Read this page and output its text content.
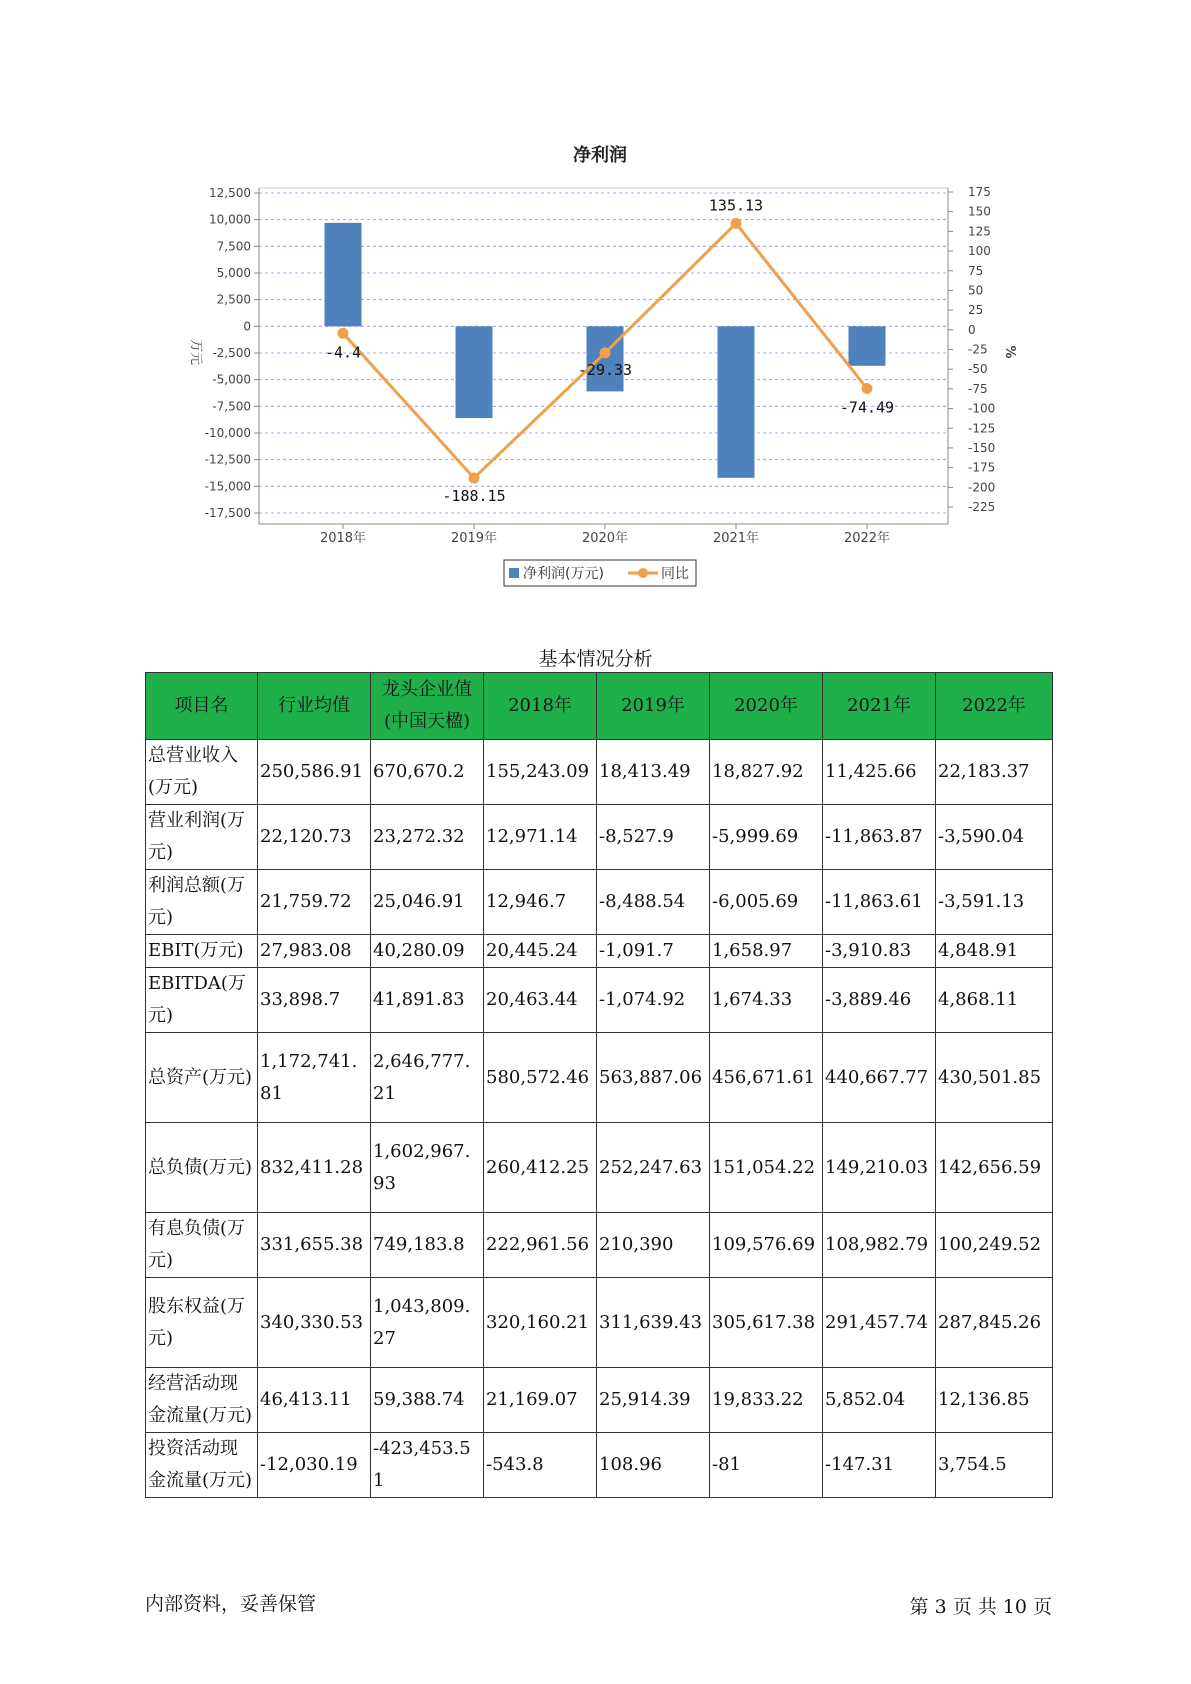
净利润
12,500
10,000
7,500
5,000
2,500
0
-2,500
-5,000
-7,500
-10,000
-12,500
-15,000
-17,500
175
150
125
100
75
50
25
0
-25
-50
-75
-100
-125
-150
-175
-200
-225
万元	%
2018年	2019年	2020年	2021年	2022年
-4.4
-188.15
-29.33
135.13
-74.49
净利润(万元)	同比
基本情况分析
项目名	行业均值	龙头企业值(中国天楹)	2018年	2019年	2020年	2021年	2022年
总营业收入(万元)	250,586.91	670,670.2	155,243.09	18,413.49	18,827.92	11,425.66	22,183.37
营业利润(万元)	22,120.73	23,272.32	12,971.14	-8,527.9	-5,999.69	-11,863.87	-3,590.04
利润总额(万元)	21,759.72	25,046.91	12,946.7	-8,488.54	-6,005.69	-11,863.61	-3,591.13
EBIT(万元)	27,983.08	40,280.09	20,445.24	-1,091.7	1,658.97	-3,910.83	4,848.91
EBITDA(万元)	33,898.7	41,891.83	20,463.44	-1,074.92	1,674.33	-3,889.46	4,868.11
总资产(万元)	1,172,741.81	2,646,777.21	580,572.46	563,887.06	456,671.61	440,667.77	430,501.85
总负债(万元)	832,411.28	1,602,967.93	260,412.25	252,247.63	151,054.22	149,210.03	142,656.59
有息负债(万元)	331,655.38	749,183.8	222,961.56	210,390	109,576.69	108,982.79	100,249.52
股东权益(万元)	340,330.53	1,043,809.27	320,160.21	311,639.43	305,617.38	291,457.74	287,845.26
经营活动现金流量(万元)	46,413.11	59,388.74	21,169.07	25,914.39	19,833.22	5,852.04	12,136.85
投资活动现金流量(万元)	-12,030.19	-423,453.51	-543.8	108.96	-81	-147.31	3,754.5
内部资料，妥善保管	第 3 页 共 10 页
